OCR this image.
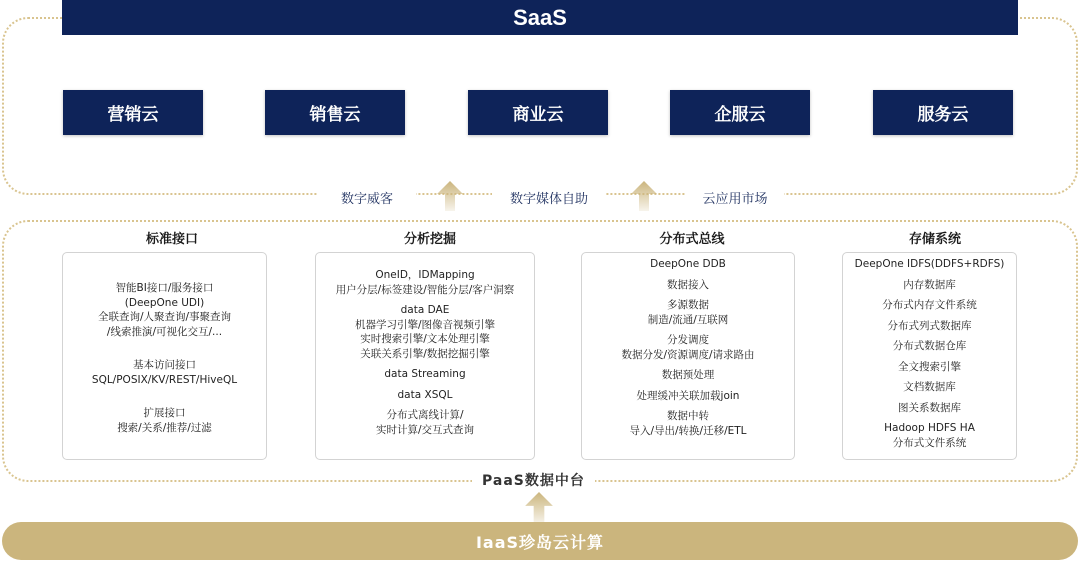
SaaS
营销云	销售云	商业云	企服云	服务云
数字威客	数字媒体自助	云应用市场
标准接口	分析挖掘	分布式总线	存储系统
智能BI接口/服务接口
(DeepOne UDI)
全联查询/人聚查询/事聚查询
/线索推演/可视化交互/...
基本访问接口
SQL/POSIX/KV/REST/HiveQL
扩展接口
搜索/关系/推荐/过滤
OneID，IDMapping
用户分层/标签建设/智能分层/客户洞察
data DAE
机器学习引擎/图像音视频引擎
实时搜索引擎/文本处理引擎
关联关系引擎/数据挖掘引擎
data Streaming
data XSQL
分布式离线计算/
实时计算/交互式查询
DeepOne DDB
数据接入
多源数据
制造/流通/互联网
分发调度
数据分发/资源调度/请求路由
数据预处理
处理缓冲关联加载join
数据中转
导入/导出/转换/迁移/ETL
DeepOne IDFS(DDFS+RDFS)
内存数据库
分布式内存文件系统
分布式列式数据库
分布式数据仓库
全文搜索引擎
文档数据库
图关系数据库
Hadoop HDFS HA
分布式文件系统
PaaS数据中台
IaaS珍岛云计算
